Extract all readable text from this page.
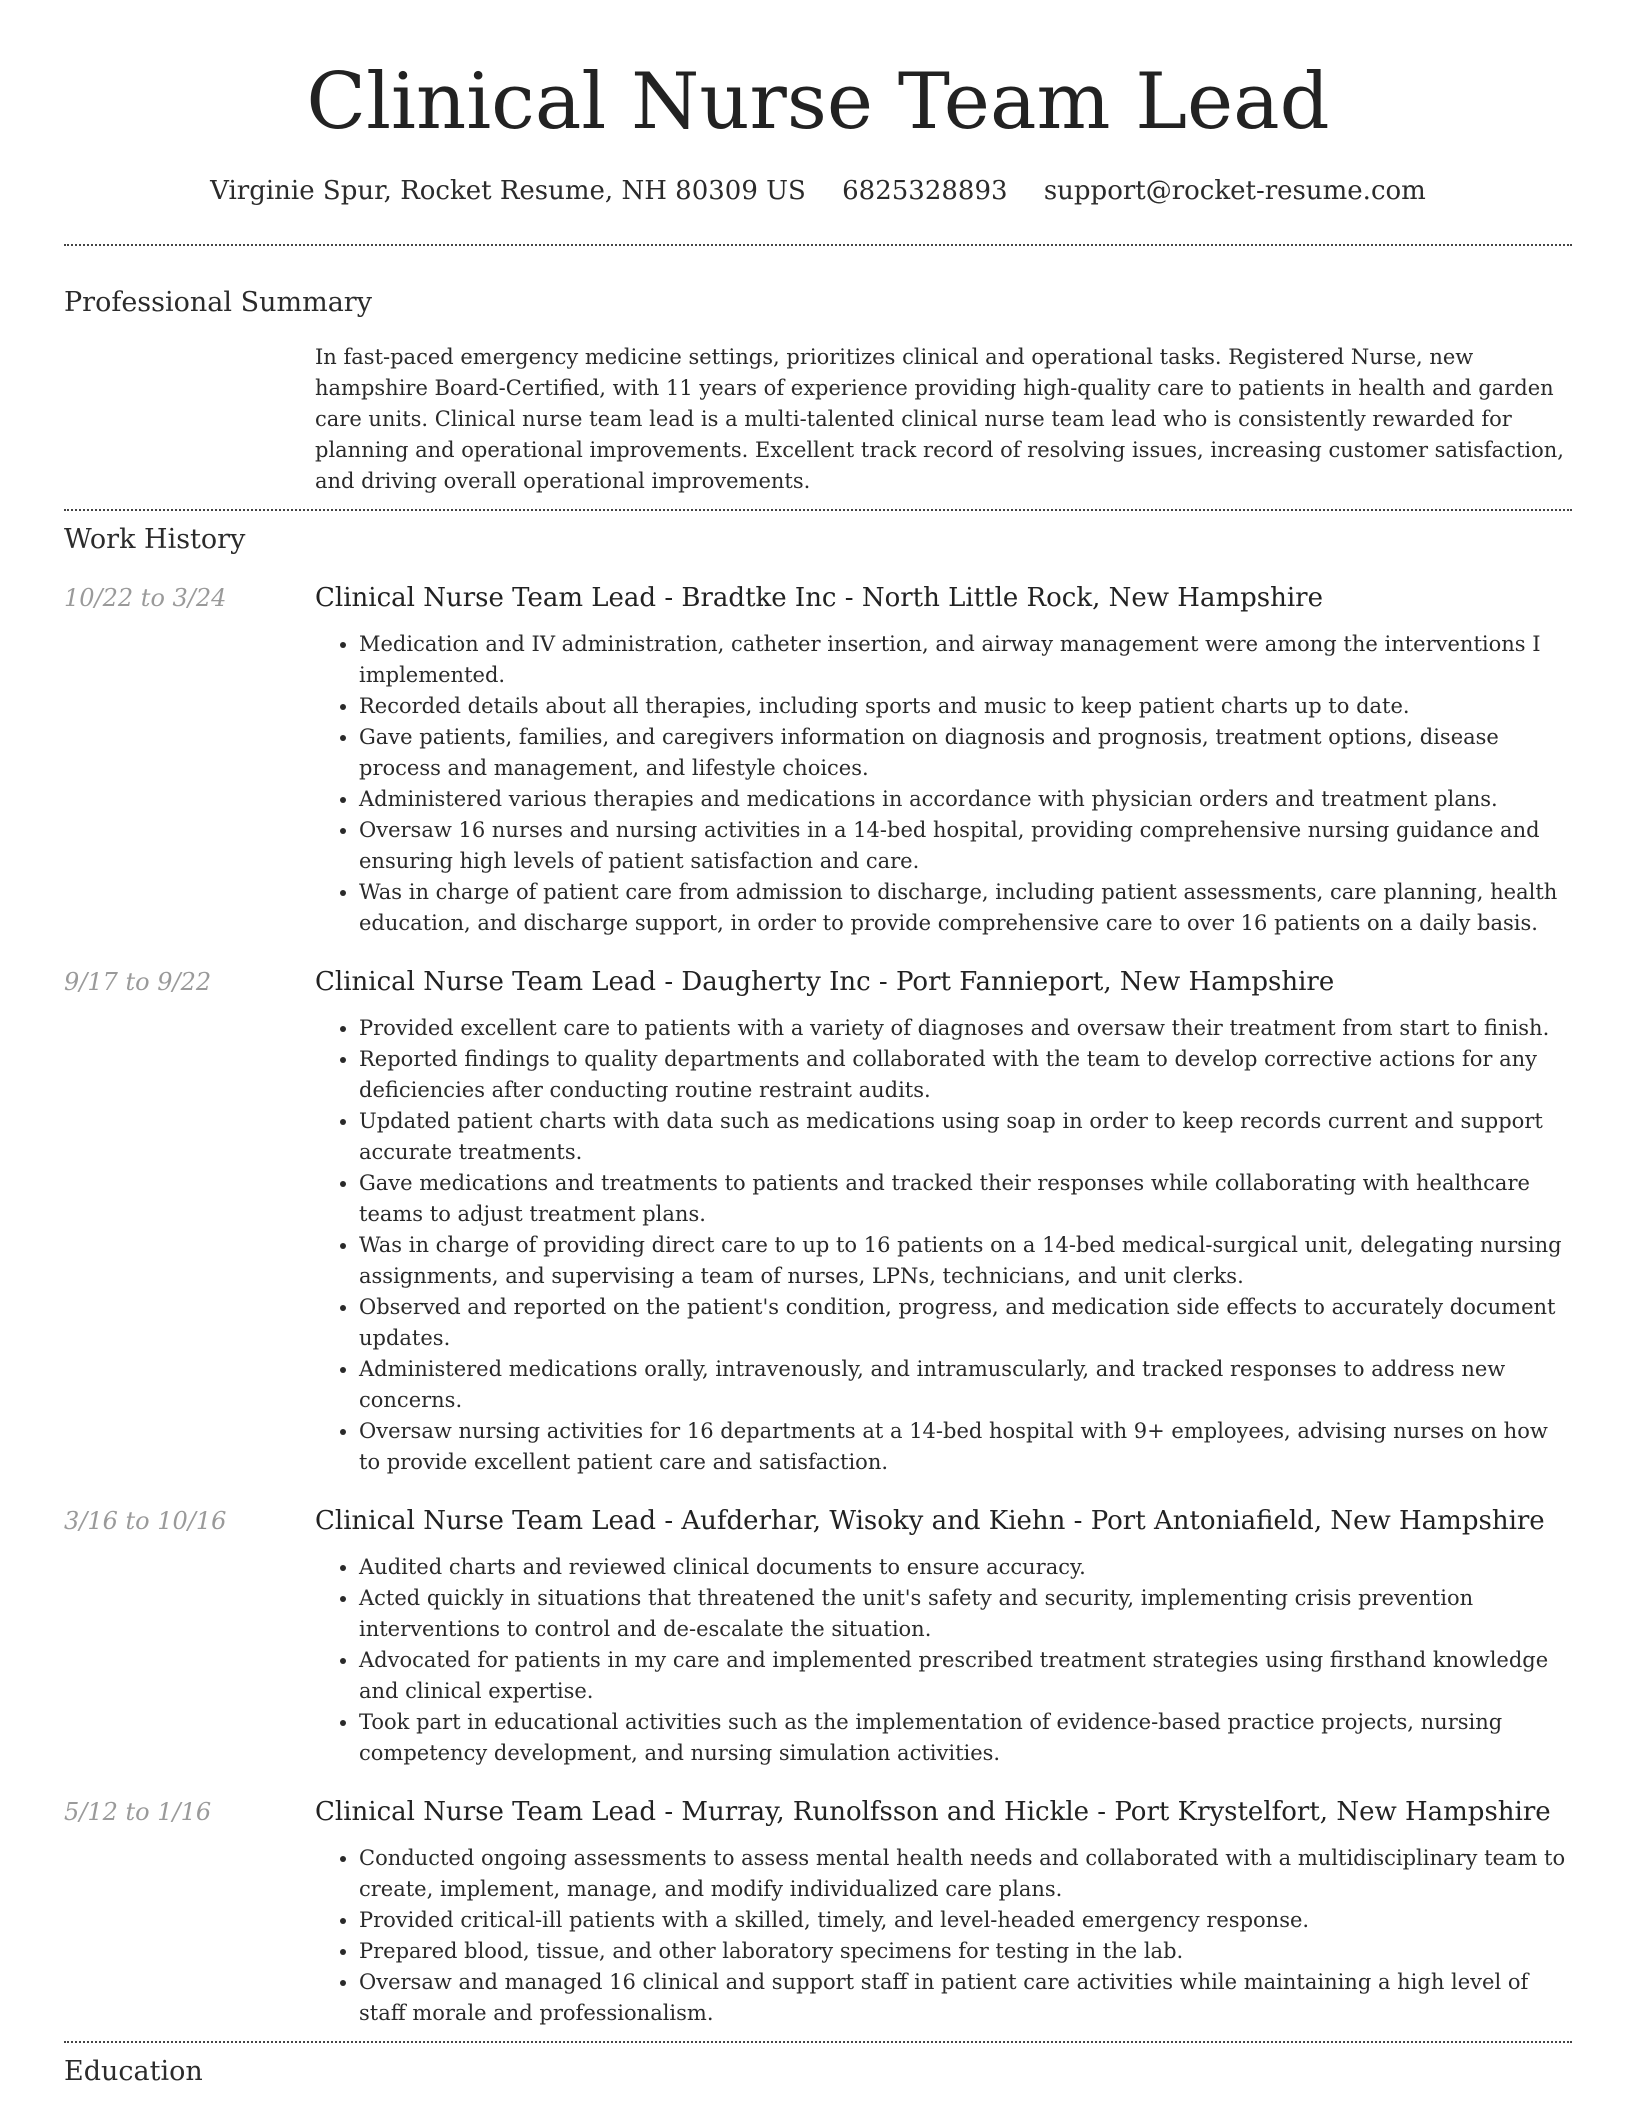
Clinical Nurse Team Lead
Virginie Spur, Rocket Resume, NH 80309 US 6825328893 support@rocket-resume.com
Professional Summary
In fast-paced emergency medicine settings, prioritizes clinical and operational tasks. Registered Nurse, new hampshire Board-Certified, with 11 years of experience providing high-quality care to patients in health and garden care units. Clinical nurse team lead is a multi-talented clinical nurse team lead who is consistently rewarded for planning and operational improvements. Excellent track record of resolving issues, increasing customer satisfaction, and driving overall operational improvements.
Work History
10/22 to 3/24	Clinical Nurse Team Lead - Bradtke Inc - North Little Rock, New Hampshire
• Medication and IV administration, catheter insertion, and airway management were among the interventions I implemented.
• Recorded details about all therapies, including sports and music to keep patient charts up to date.
• Gave patients, families, and caregivers information on diagnosis and prognosis, treatment options, disease process and management, and lifestyle choices.
• Administered various therapies and medications in accordance with physician orders and treatment plans.
• Oversaw 16 nurses and nursing activities in a 14-bed hospital, providing comprehensive nursing guidance and ensuring high levels of patient satisfaction and care.
• Was in charge of patient care from admission to discharge, including patient assessments, care planning, health education, and discharge support, in order to provide comprehensive care to over 16 patients on a daily basis.
9/17 to 9/22	Clinical Nurse Team Lead - Daugherty Inc - Port Fannieport, New Hampshire
• Provided excellent care to patients with a variety of diagnoses and oversaw their treatment from start to finish.
• Reported findings to quality departments and collaborated with the team to develop corrective actions for any deficiencies after conducting routine restraint audits.
• Updated patient charts with data such as medications using soap in order to keep records current and support accurate treatments.
• Gave medications and treatments to patients and tracked their responses while collaborating with healthcare teams to adjust treatment plans.
• Was in charge of providing direct care to up to 16 patients on a 14-bed medical-surgical unit, delegating nursing assignments, and supervising a team of nurses, LPNs, technicians, and unit clerks.
• Observed and reported on the patient's condition, progress, and medication side effects to accurately document updates.
• Administered medications orally, intravenously, and intramuscularly, and tracked responses to address new concerns.
• Oversaw nursing activities for 16 departments at a 14-bed hospital with 9+ employees, advising nurses on how to provide excellent patient care and satisfaction.
3/16 to 10/16	Clinical Nurse Team Lead - Aufderhar, Wisoky and Kiehn - Port Antoniafield, New Hampshire
• Audited charts and reviewed clinical documents to ensure accuracy.
• Acted quickly in situations that threatened the unit's safety and security, implementing crisis prevention interventions to control and de-escalate the situation.
• Advocated for patients in my care and implemented prescribed treatment strategies using firsthand knowledge and clinical expertise.
• Took part in educational activities such as the implementation of evidence-based practice projects, nursing competency development, and nursing simulation activities.
5/12 to 1/16	Clinical Nurse Team Lead - Murray, Runolfsson and Hickle - Port Krystelfort, New Hampshire
• Conducted ongoing assessments to assess mental health needs and collaborated with a multidisciplinary team to create, implement, manage, and modify individualized care plans.
• Provided critical-ill patients with a skilled, timely, and level-headed emergency response.
• Prepared blood, tissue, and other laboratory specimens for testing in the lab.
• Oversaw and managed 16 clinical and support staff in patient care activities while maintaining a high level of staff morale and professionalism.
Education
